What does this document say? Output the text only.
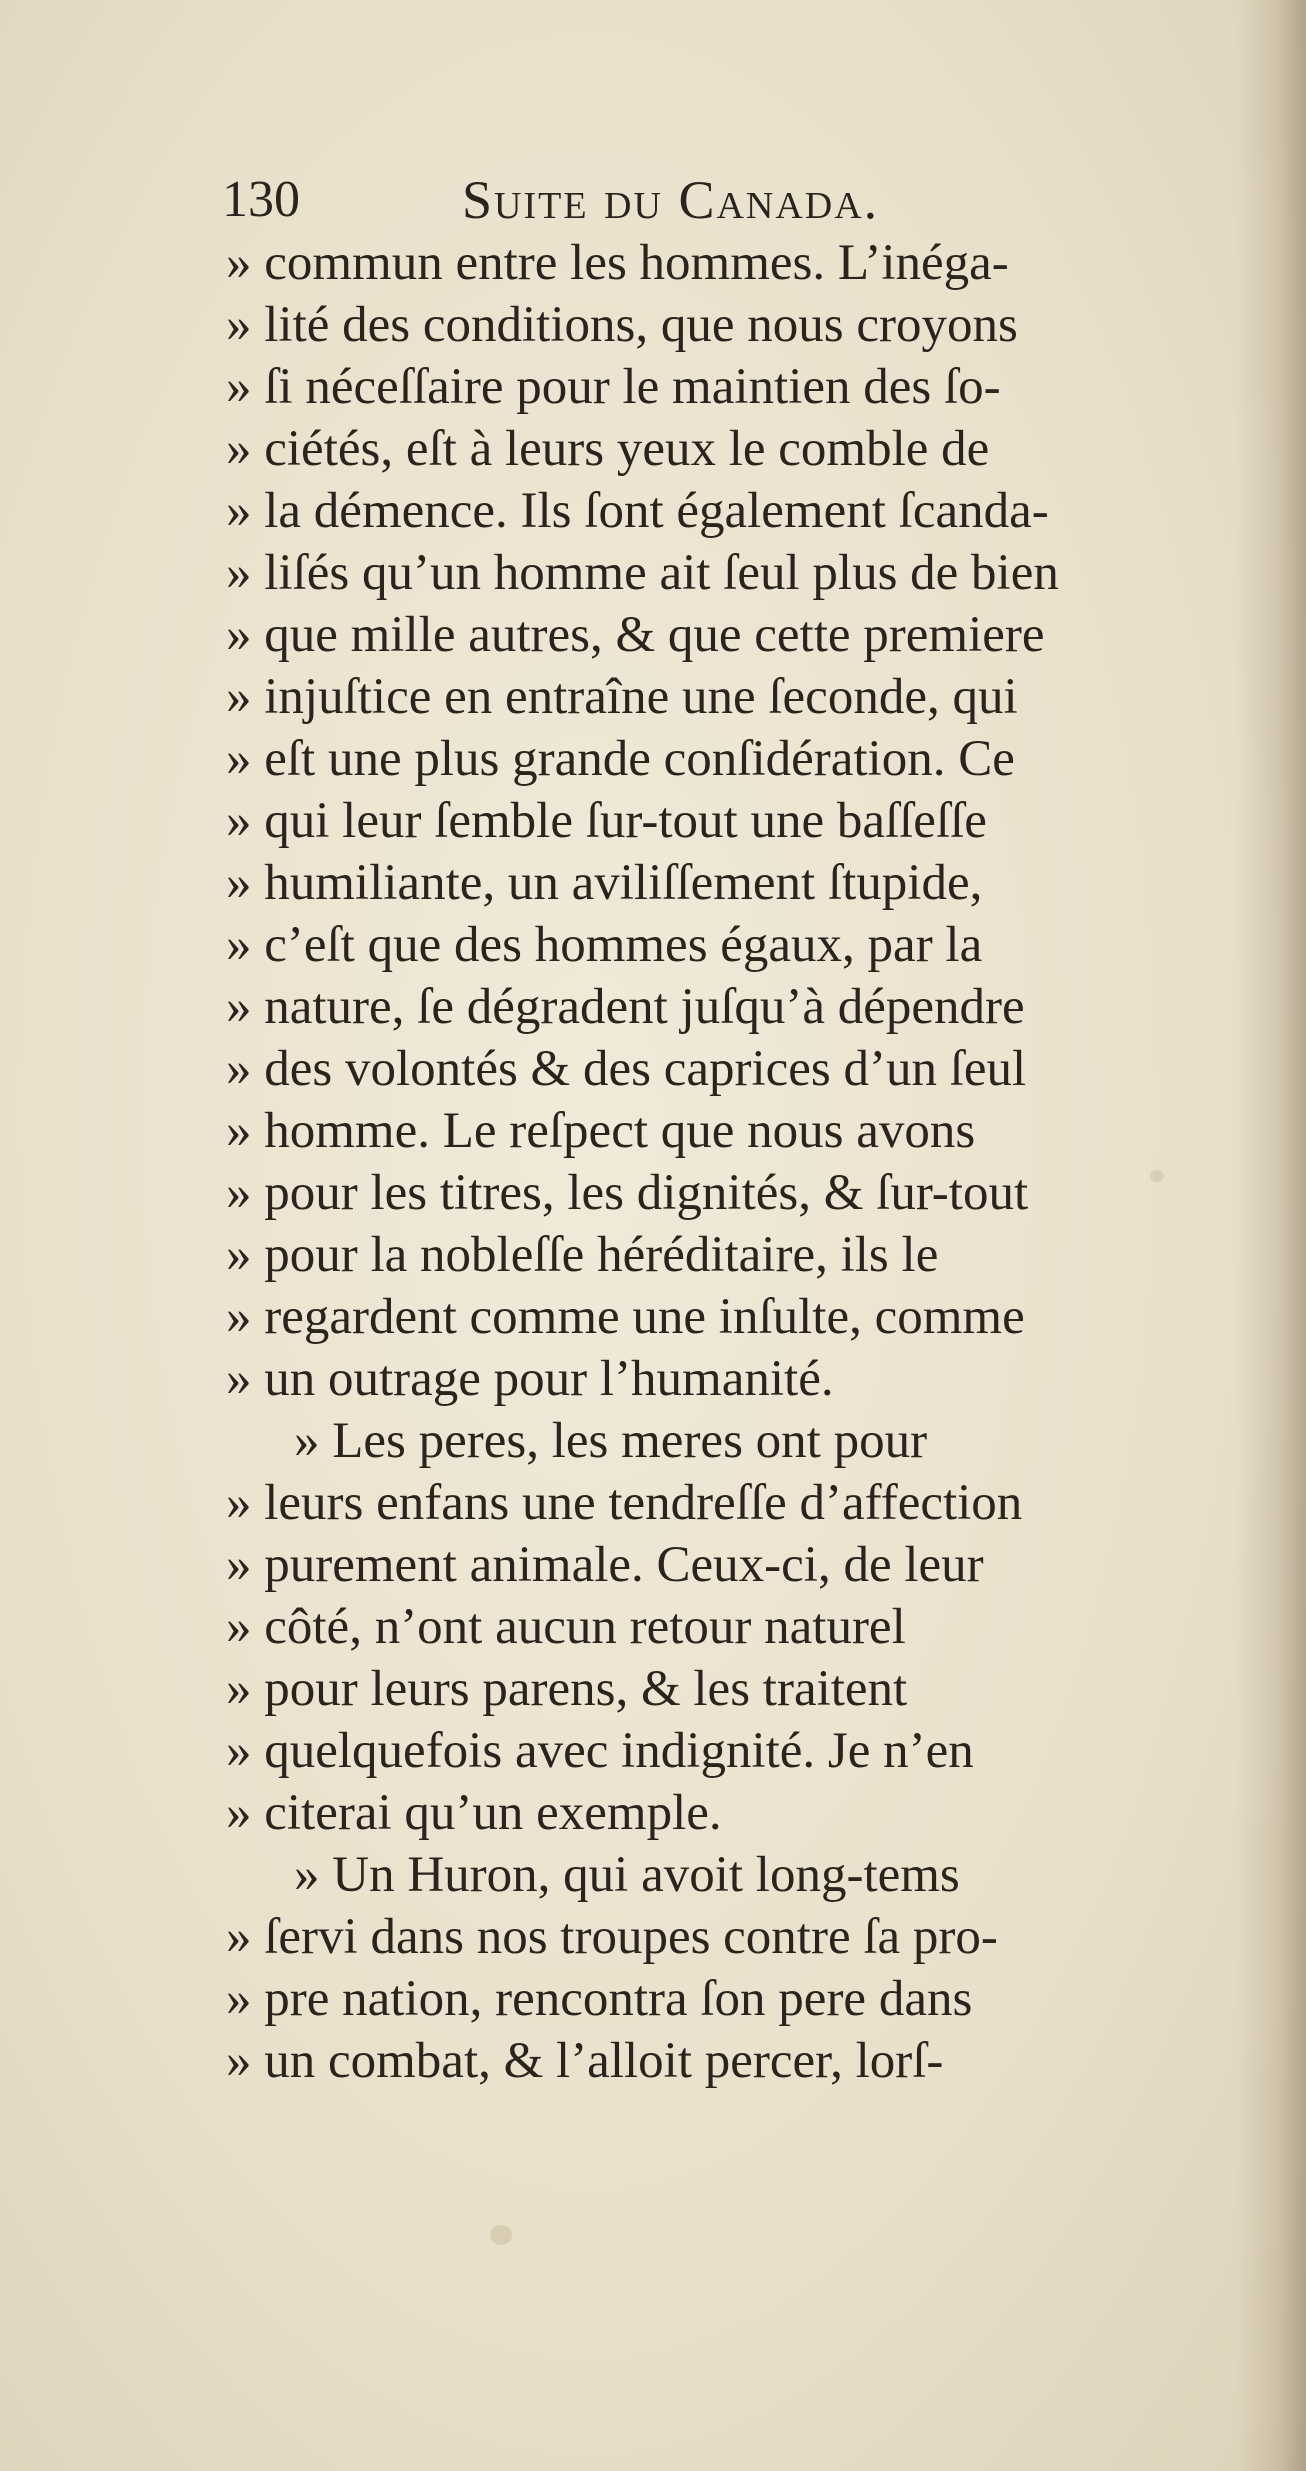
130	Suite du Canada.
» commun entre les hommes. L’inéga-
» lité des conditions, que nous croyons
» ſi néceſſaire pour le maintien des ſo-
» ciétés, eſt à leurs yeux le comble de
» la démence. Ils ſont également ſcanda-
» liſés qu’un homme ait ſeul plus de bien
» que mille autres, & que cette premiere
» injuſtice en entraîne une ſeconde, qui
» eſt une plus grande conſidération. Ce
» qui leur ſemble ſur-tout une baſſeſſe
» humiliante, un aviliſſement ſtupide,
» c’eſt que des hommes égaux, par la
» nature, ſe dégradent juſqu’à dépendre
» des volontés & des caprices d’un ſeul
» homme. Le reſpect que nous avons
» pour les titres, les dignités, & ſur-tout
» pour la nobleſſe héréditaire, ils le
» regardent comme une inſulte, comme
» un outrage pour l’humanité.
» Les peres, les meres ont pour
» leurs enfans une tendreſſe d’affection
» purement animale. Ceux-ci, de leur
» côté, n’ont aucun retour naturel
» pour leurs parens, & les traitent
» quelquefois avec indignité. Je n’en
» citerai qu’un exemple.
» Un Huron, qui avoit long-tems
» ſervi dans nos troupes contre ſa pro-
» pre nation, rencontra ſon pere dans
» un combat, & l’alloit percer, lorſ-
